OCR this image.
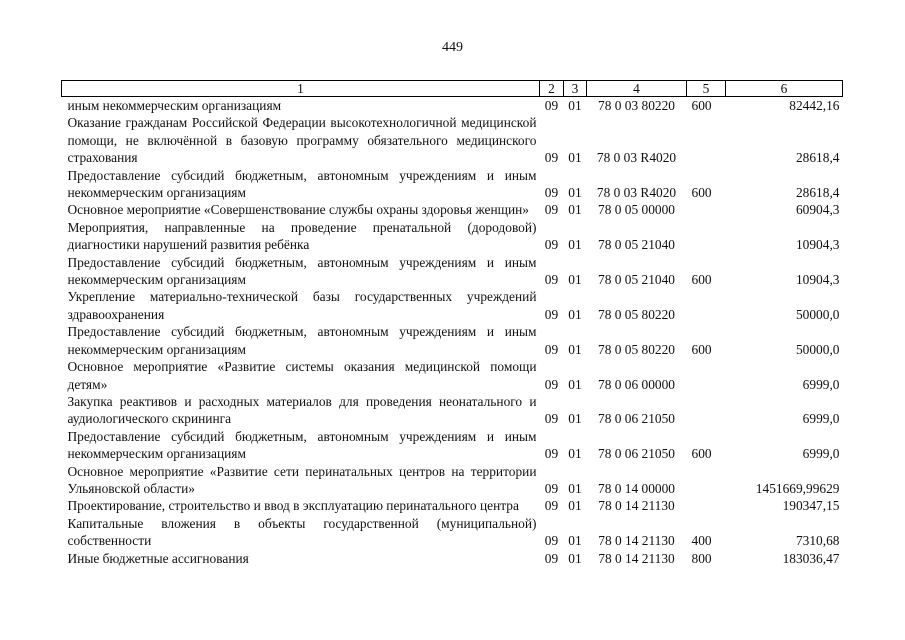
449
1	2	3	4	5	6
иным некоммерческим организациям	09	01	78 0 03 80220	600	82442,16
Оказание гражданам Российской Федерации высокотехнологичной медицинской помощи, не включённой в базовую программу обязательного медицинского страхования	09	01	78 0 03 R4020		28618,4
Предоставление субсидий бюджетным, автономным учреждениям и иным некоммерческим организациям	09	01	78 0 03 R4020	600	28618,4
Основное мероприятие «Совершенствование службы охраны здоровья женщин»	09	01	78 0 05 00000		60904,3
Мероприятия, направленные на проведение пренатальной (дородовой) диагностики нарушений развития ребёнка	09	01	78 0 05 21040		10904,3
Предоставление субсидий бюджетным, автономным учреждениям и иным некоммерческим организациям	09	01	78 0 05 21040	600	10904,3
Укрепление материально-технической базы государственных учреждений здравоохранения	09	01	78 0 05 80220		50000,0
Предоставление субсидий бюджетным, автономным учреждениям и иным некоммерческим организациям	09	01	78 0 05 80220	600	50000,0
Основное мероприятие «Развитие системы оказания медицинской помощи детям»	09	01	78 0 06 00000		6999,0
Закупка реактивов и расходных материалов для проведения неонатального и аудиологического скрининга	09	01	78 0 06 21050		6999,0
Предоставление субсидий бюджетным, автономным учреждениям и иным некоммерческим организациям	09	01	78 0 06 21050	600	6999,0
Основное мероприятие «Развитие сети перинатальных центров на территории Ульяновской области»	09	01	78 0 14 00000		1451669,99629
Проектирование, строительство и ввод в эксплуатацию перинатального центра	09	01	78 0 14 21130		190347,15
Капитальные вложения в объекты государственной (муниципальной) собственности	09	01	78 0 14 21130	400	7310,68
Иные бюджетные ассигнования	09	01	78 0 14 21130	800	183036,47
